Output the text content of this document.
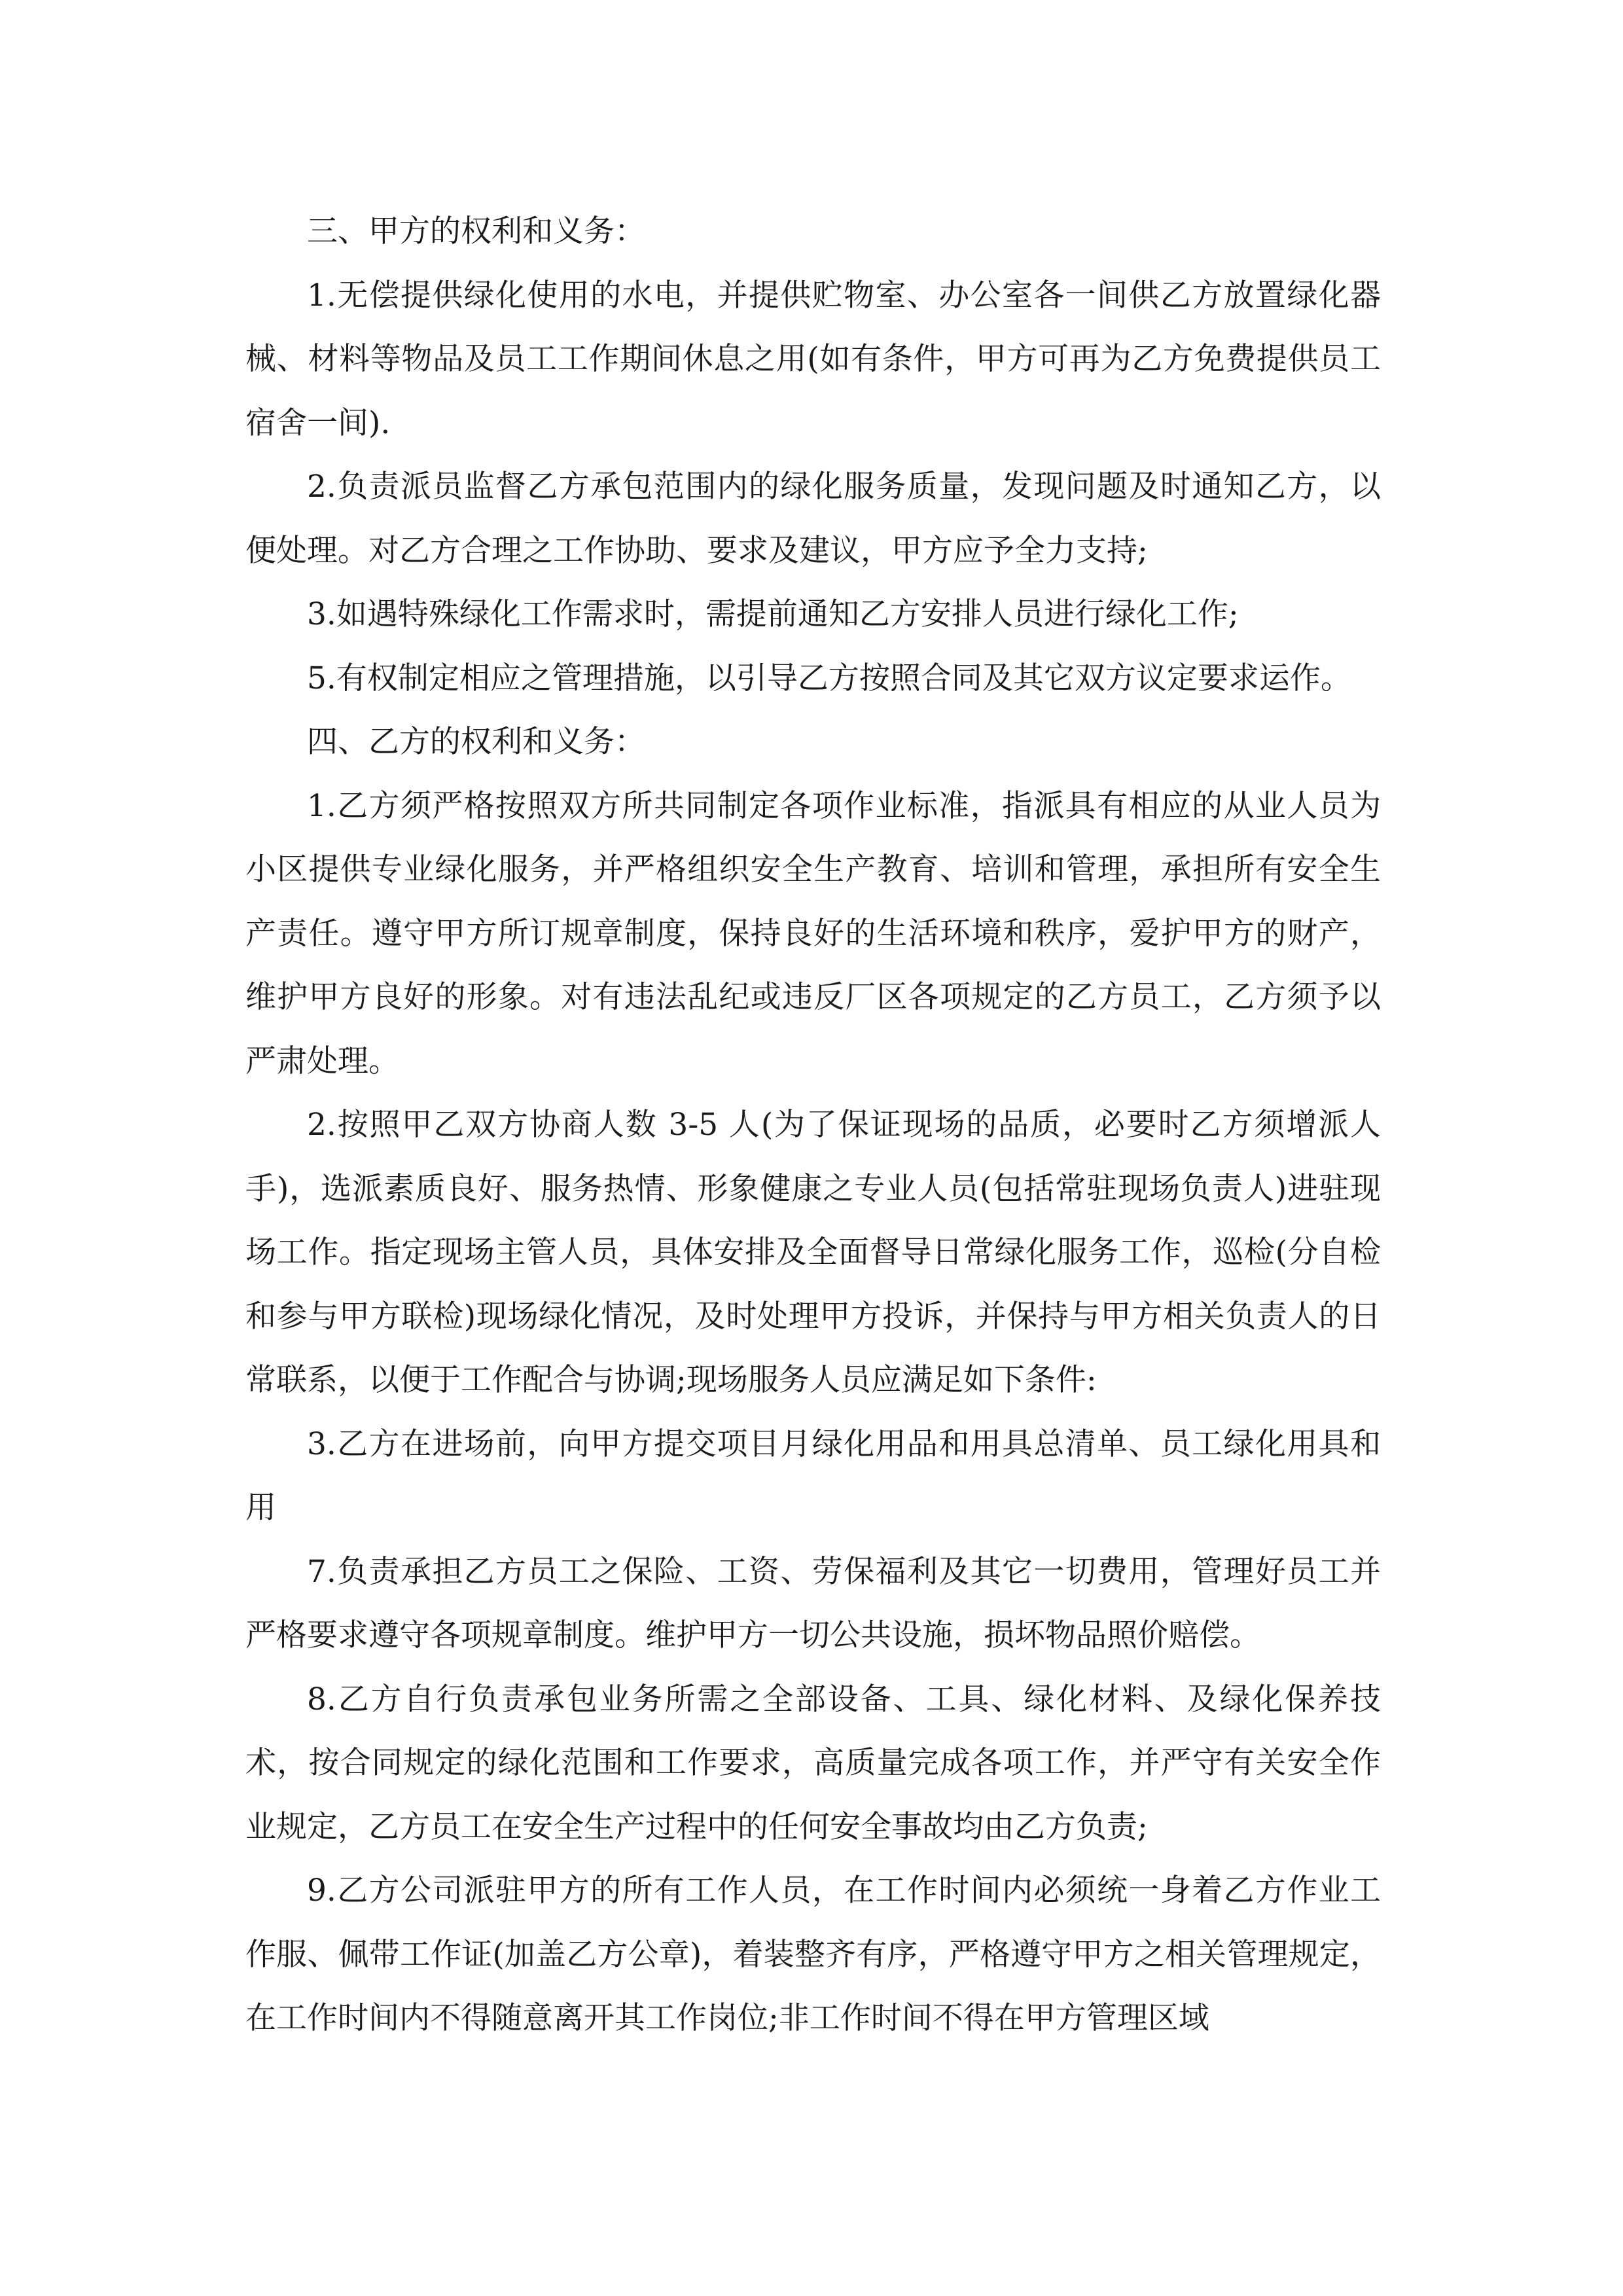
三、甲方的权利和义务：

1.无偿提供绿化使用的水电，并提供贮物室、办公室各一间供乙方放置绿化器械、材料等物品及员工工作期间休息之用(如有条件，甲方可再为乙方免费提供员工宿舍一间).

2.负责派员监督乙方承包范围内的绿化服务质量，发现问题及时通知乙方，以便处理。对乙方合理之工作协助、要求及建议，甲方应予全力支持;

3.如遇特殊绿化工作需求时，需提前通知乙方安排人员进行绿化工作;

5.有权制定相应之管理措施，以引导乙方按照合同及其它双方议定要求运作。

四、乙方的权利和义务：

1.乙方须严格按照双方所共同制定各项作业标准，指派具有相应的从业人员为小区提供专业绿化服务，并严格组织安全生产教育、培训和管理，承担所有安全生产责任。遵守甲方所订规章制度，保持良好的生活环境和秩序，爱护甲方的财产，维护甲方良好的形象。对有违法乱纪或违反厂区各项规定的乙方员工，乙方须予以严肃处理。

2.按照甲乙双方协商人数 3-5 人(为了保证现场的品质，必要时乙方须增派人手)，选派素质良好、服务热情、形象健康之专业人员(包括常驻现场负责人)进驻现场工作。指定现场主管人员，具体安排及全面督导日常绿化服务工作，巡检(分自检和参与甲方联检)现场绿化情况，及时处理甲方投诉，并保持与甲方相关负责人的日常联系，以便于工作配合与协调;现场服务人员应满足如下条件:

3.乙方在进场前，向甲方提交项目月绿化用品和用具总清单、员工绿化用具和用

7.负责承担乙方员工之保险、工资、劳保福利及其它一切费用，管理好员工并严格要求遵守各项规章制度。维护甲方一切公共设施，损坏物品照价赔偿。

8.乙方自行负责承包业务所需之全部设备、工具、绿化材料、及绿化保养技术，按合同规定的绿化范围和工作要求，高质量完成各项工作，并严守有关安全作业规定，乙方员工在安全生产过程中的任何安全事故均由乙方负责;

9.乙方公司派驻甲方的所有工作人员，在工作时间内必须统一身着乙方作业工作服、佩带工作证(加盖乙方公章)，着装整齐有序，严格遵守甲方之相关管理规定，在工作时间内不得随意离开其工作岗位;非工作时间不得在甲方管理区域
